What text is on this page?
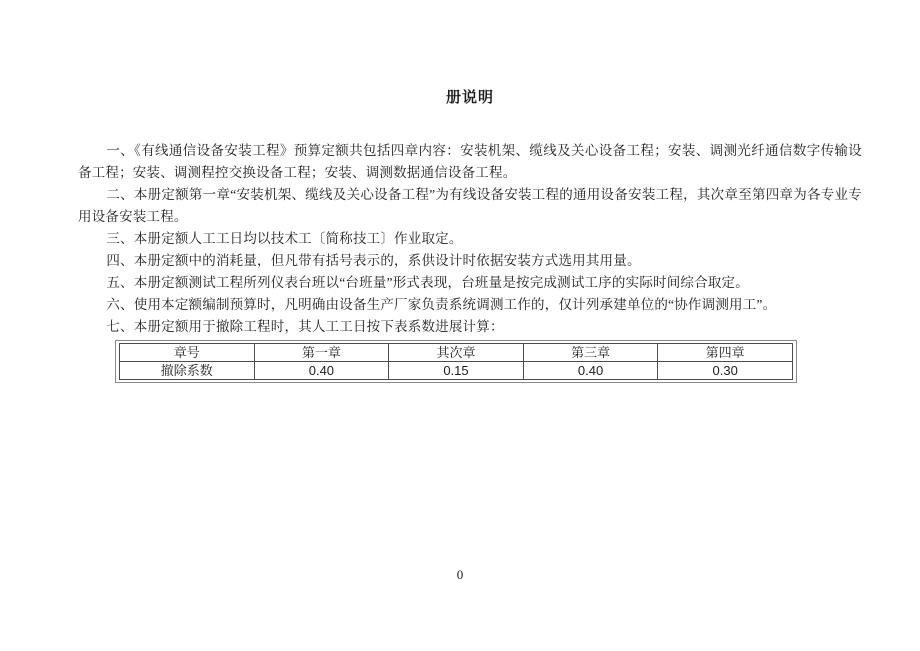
册说明

一、《有线通信设备安装工程》预算定额共包括四章内容：安装机架、缆线及关心设备工程；安装、调测光纤通信数字传输设备工程；安装、调测程控交换设备工程；安装、调测数据通信设备工程。

二、本册定额第一章“安装机架、缆线及关心设备工程”为有线设备安装工程的通用设备安装工程，其次章至第四章为各专业专用设备安装工程。

三、本册定额人工工日均以技术工〔简称技工〕作业取定。

四、本册定额中的消耗量，但凡带有括号表示的，系供设计时依据安装方式选用其用量。

五、本册定额测试工程所列仪表台班以“台班量”形式表现，台班量是按完成测试工序的实际时间综合取定。

六、使用本定额编制预算时，凡明确由设备生产厂家负责系统调测工作的，仅计列承建单位的“协作调测用工”。

七、本册定额用于撤除工程时，其人工工日按下表系数进展计算：

章号	第一章	其次章	第三章	第四章
撤除系数	0.40	0.15	0.40	0.30
0
